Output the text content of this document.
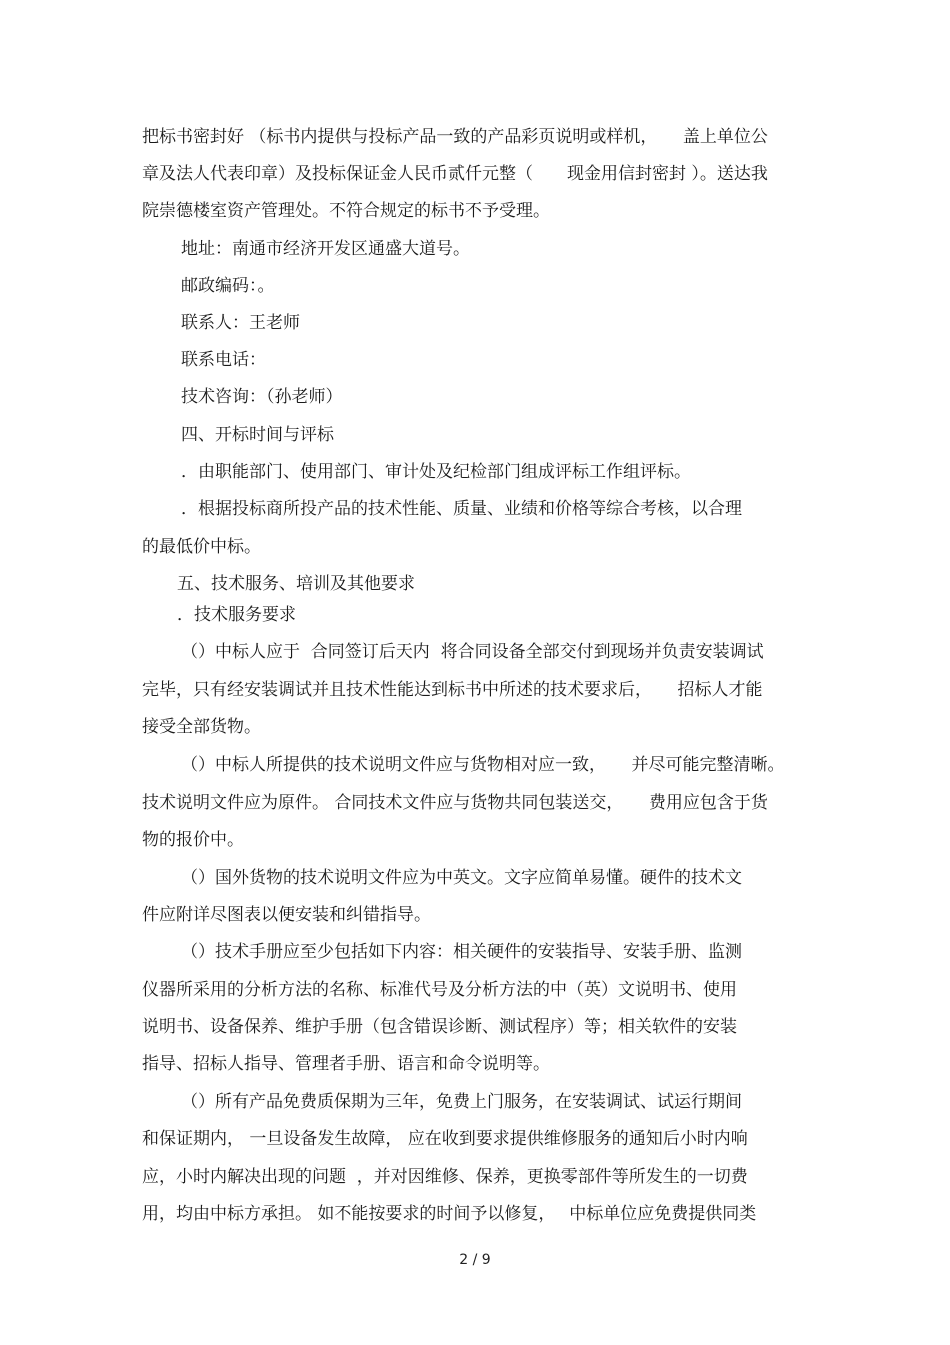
把标书密封好 （标书内提供与投标产品一致的产品彩页说明或样机，　　盖上单位公
章及法人代表印章）及投标保证金人民币贰仟元整（　　现金用信封密封 ）。送达我
院崇德楼室资产管理处。不符合规定的标书不予受理。
地址：南通市经济开发区通盛大道号。
邮政编码：。
联系人：王老师
联系电话：
技术咨询：（孙老师）
四、开标时间与评标
．由职能部门、使用部门、审计处及纪检部门组成评标工作组评标。
．根据投标商所投产品的技术性能、质量、业绩和价格等综合考核，以合理
的最低价中标。
五、技术服务、培训及其他要求
．技术服务要求
（）中标人应于  合同签订后天内  将合同设备全部交付到现场并负责安装调试
完毕，只有经安装调试并且技术性能达到标书中所述的技术要求后，　　招标人才能
接受全部货物。
（）中标人所提供的技术说明文件应与货物相对应一致，　　并尽可能完整清晰。
技术说明文件应为原件。 合同技术文件应与货物共同包装送交，　　费用应包含于货
物的报价中。
（）国外货物的技术说明文件应为中英文。文字应简单易懂。硬件的技术文
件应附详尽图表以便安装和纠错指导。
（）技术手册应至少包括如下内容：相关硬件的安装指导、安装手册、监测
仪器所采用的分析方法的名称、标准代号及分析方法的中（英）文说明书、使用
说明书、设备保养、维护手册（包含错误诊断、测试程序）等；相关软件的安装
指导、招标人指导、管理者手册、语言和命令说明等。
（）所有产品免费质保期为三年，免费上门服务，在安装调试、试运行期间
和保证期内， 一旦设备发生故障， 应在收到要求提供维修服务的通知后小时内响
应，小时内解决出现的问题  ，并对因维修、保养，更换零部件等所发生的一切费
用，均由中标方承担。 如不能按要求的时间予以修复，　 中标单位应免费提供同类
2 / 9
